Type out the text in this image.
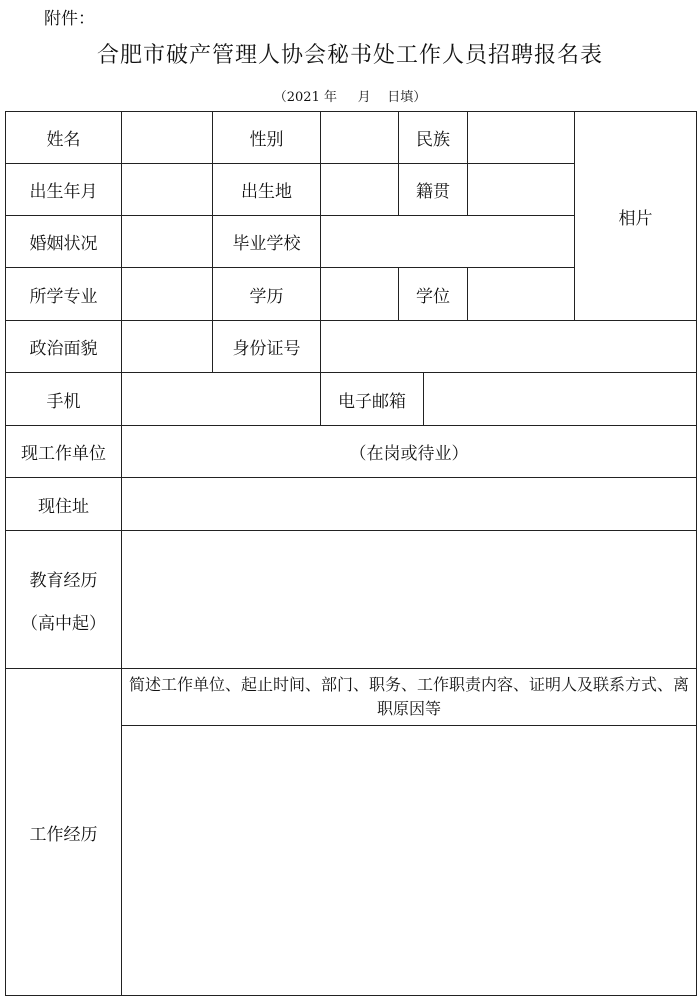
附件：
合肥市破产管理人协会秘书处工作人员招聘报名表
（2021 年 月 日填）
姓名	性别	民族
相片
出生年月	出生地	籍贯
婚姻状况	毕业学校
所学专业	学历	学位
政治面貌	身份证号
手机	电子邮箱
现工作单位	（在岗或待业）
现住址
教育经历
（高中起）
工作经历
简述工作单位、起止时间、部门、职务、工作职责内容、证明人及联系方式、离职原因等
